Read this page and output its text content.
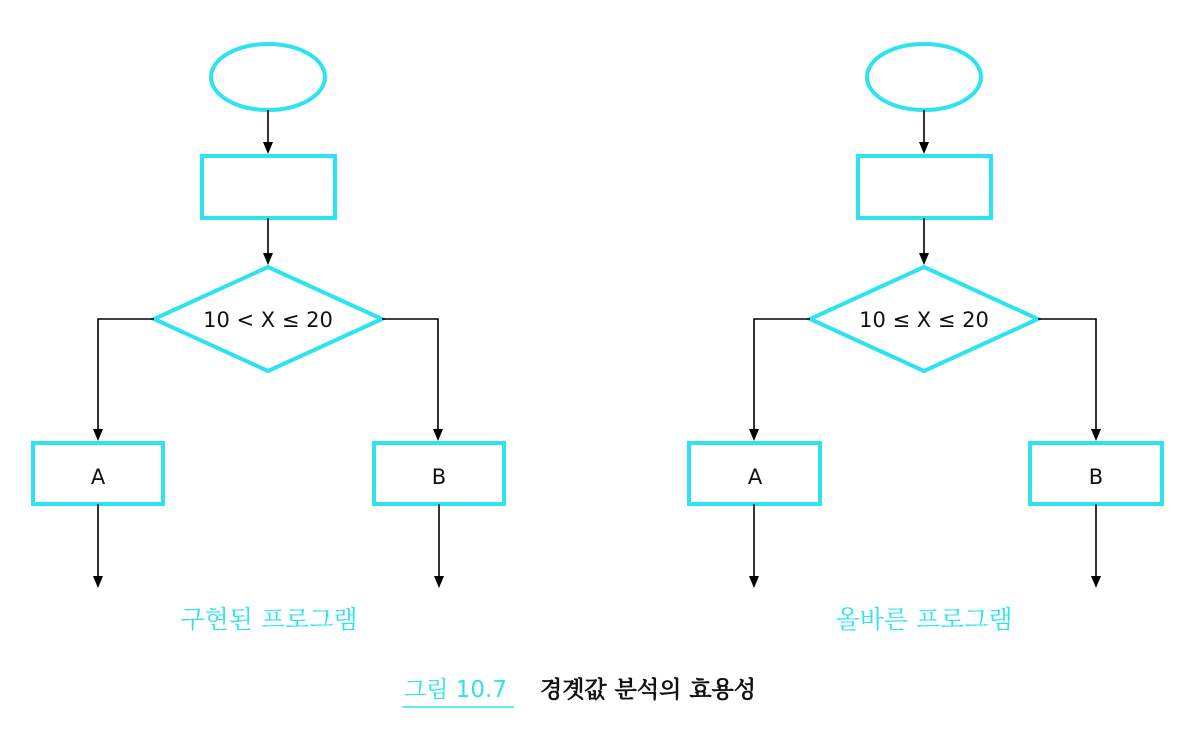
10 < X ≤ 20
A	B
구현된 프로그램
10 ≤ X ≤ 20
A	B
올바른 프로그램
그림 10.7 경곗값 분석의 효용성
